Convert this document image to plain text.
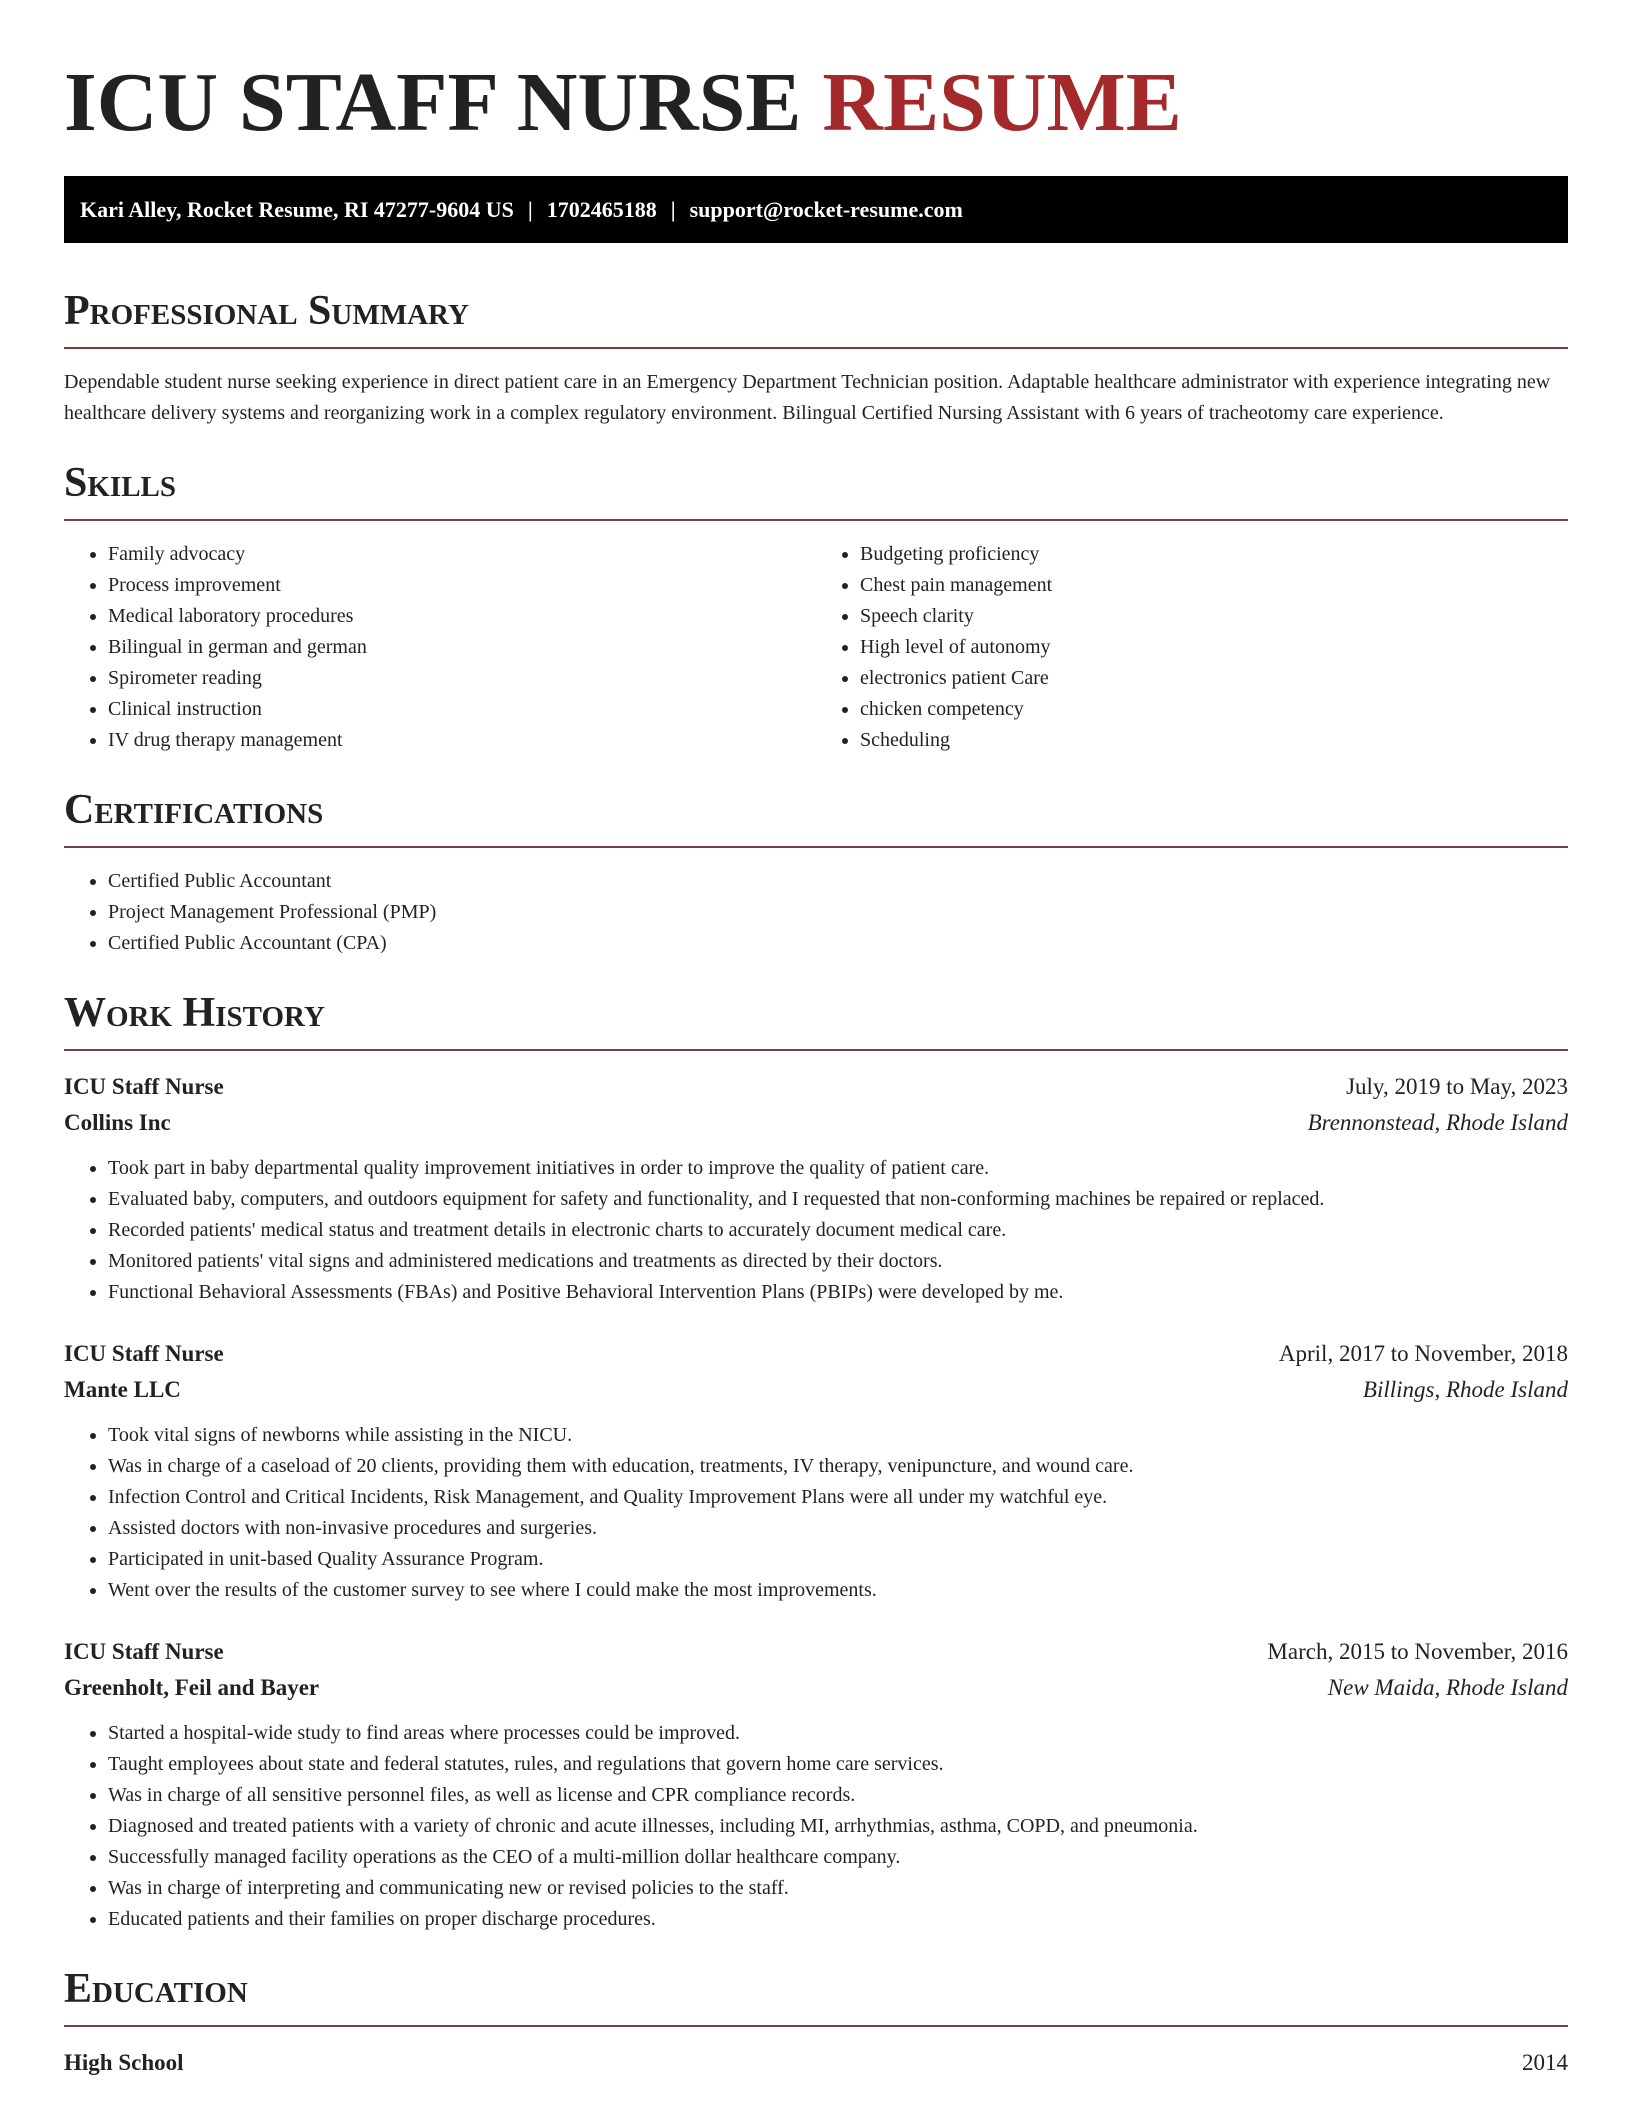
ICU STAFF NURSE RESUME
Kari Alley, Rocket Resume, RI 47277-9604 US | 1702465188 | support@rocket-resume.com
Professional Summary

Dependable student nurse seeking experience in direct patient care in an Emergency Department Technician position. Adaptable healthcare administrator with experience integrating new healthcare delivery systems and reorganizing work in a complex regulatory environment. Bilingual Certified Nursing Assistant with 6 years of tracheotomy care experience.

Skills
• Family advocacy
• Process improvement
• Medical laboratory procedures
• Bilingual in german and german
• Spirometer reading
• Clinical instruction
• IV drug therapy management
• Budgeting proficiency
• Chest pain management
• Speech clarity
• High level of autonomy
• electronics patient Care
• chicken competency
• Scheduling
Certifications
• Certified Public Accountant
• Project Management Professional (PMP)
• Certified Public Accountant (CPA)
Work History
ICU Staff Nurse	July, 2019 to May, 2023
Collins Inc	Brennonstead, Rhode Island
• Took part in baby departmental quality improvement initiatives in order to improve the quality of patient care.
• Evaluated baby, computers, and outdoors equipment for safety and functionality, and I requested that non-conforming machines be repaired or replaced.
• Recorded patients' medical status and treatment details in electronic charts to accurately document medical care.
• Monitored patients' vital signs and administered medications and treatments as directed by their doctors.
• Functional Behavioral Assessments (FBAs) and Positive Behavioral Intervention Plans (PBIPs) were developed by me.
ICU Staff Nurse	April, 2017 to November, 2018
Mante LLC	Billings, Rhode Island
• Took vital signs of newborns while assisting in the NICU.
• Was in charge of a caseload of 20 clients, providing them with education, treatments, IV therapy, venipuncture, and wound care.
• Infection Control and Critical Incidents, Risk Management, and Quality Improvement Plans were all under my watchful eye.
• Assisted doctors with non-invasive procedures and surgeries.
• Participated in unit-based Quality Assurance Program.
• Went over the results of the customer survey to see where I could make the most improvements.
ICU Staff Nurse	March, 2015 to November, 2016
Greenholt, Feil and Bayer	New Maida, Rhode Island
• Started a hospital-wide study to find areas where processes could be improved.
• Taught employees about state and federal statutes, rules, and regulations that govern home care services.
• Was in charge of all sensitive personnel files, as well as license and CPR compliance records.
• Diagnosed and treated patients with a variety of chronic and acute illnesses, including MI, arrhythmias, asthma, COPD, and pneumonia.
• Successfully managed facility operations as the CEO of a multi-million dollar healthcare company.
• Was in charge of interpreting and communicating new or revised policies to the staff.
• Educated patients and their families on proper discharge procedures.
Education
High School	2014
